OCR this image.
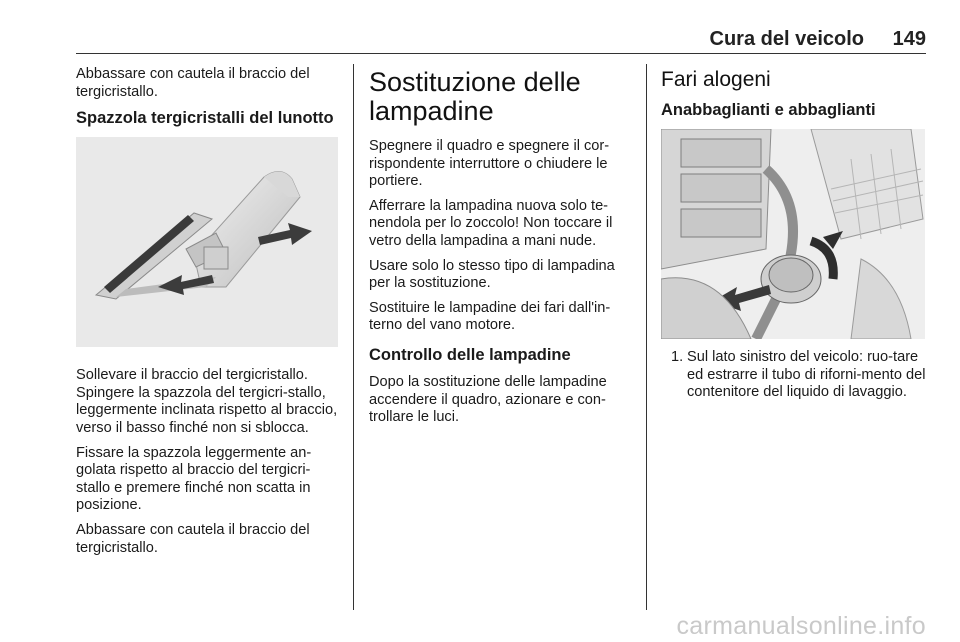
Cura del veicolo 149

Abbassare con cautela il braccio del tergicristallo.

Spazzola tergicristalli del lunotto

Sollevare il braccio del tergicristallo. Spingere la spazzola del tergicri-stallo, leggermente inclinata rispetto al braccio, verso il basso finché non si sblocca.

Fissare la spazzola leggermente an-golata rispetto al braccio del tergicri-stallo e premere finché non scatta in posizione.

Abbassare con cautela il braccio del tergicristallo.

Sostituzione delle lampadine

Spegnere il quadro e spegnere il cor-rispondente interruttore o chiudere le portiere.

Afferrare la lampadina nuova solo te-nendola per lo zoccolo! Non toccare il vetro della lampadina a mani nude.

Usare solo lo stesso tipo di lampadina per la sostituzione.

Sostituire le lampadine dei fari dall'in-terno del vano motore.

Controllo delle lampadine

Dopo la sostituzione delle lampadine accendere il quadro, azionare e con-trollare le luci.

Fari alogeni
Anabbaglianti e abbaglianti
1. Sul lato sinistro del veicolo: ruo-tare ed estrarre il tubo di riforni-mento del contenitore del liquido di lavaggio.
carmanualsonline.info
